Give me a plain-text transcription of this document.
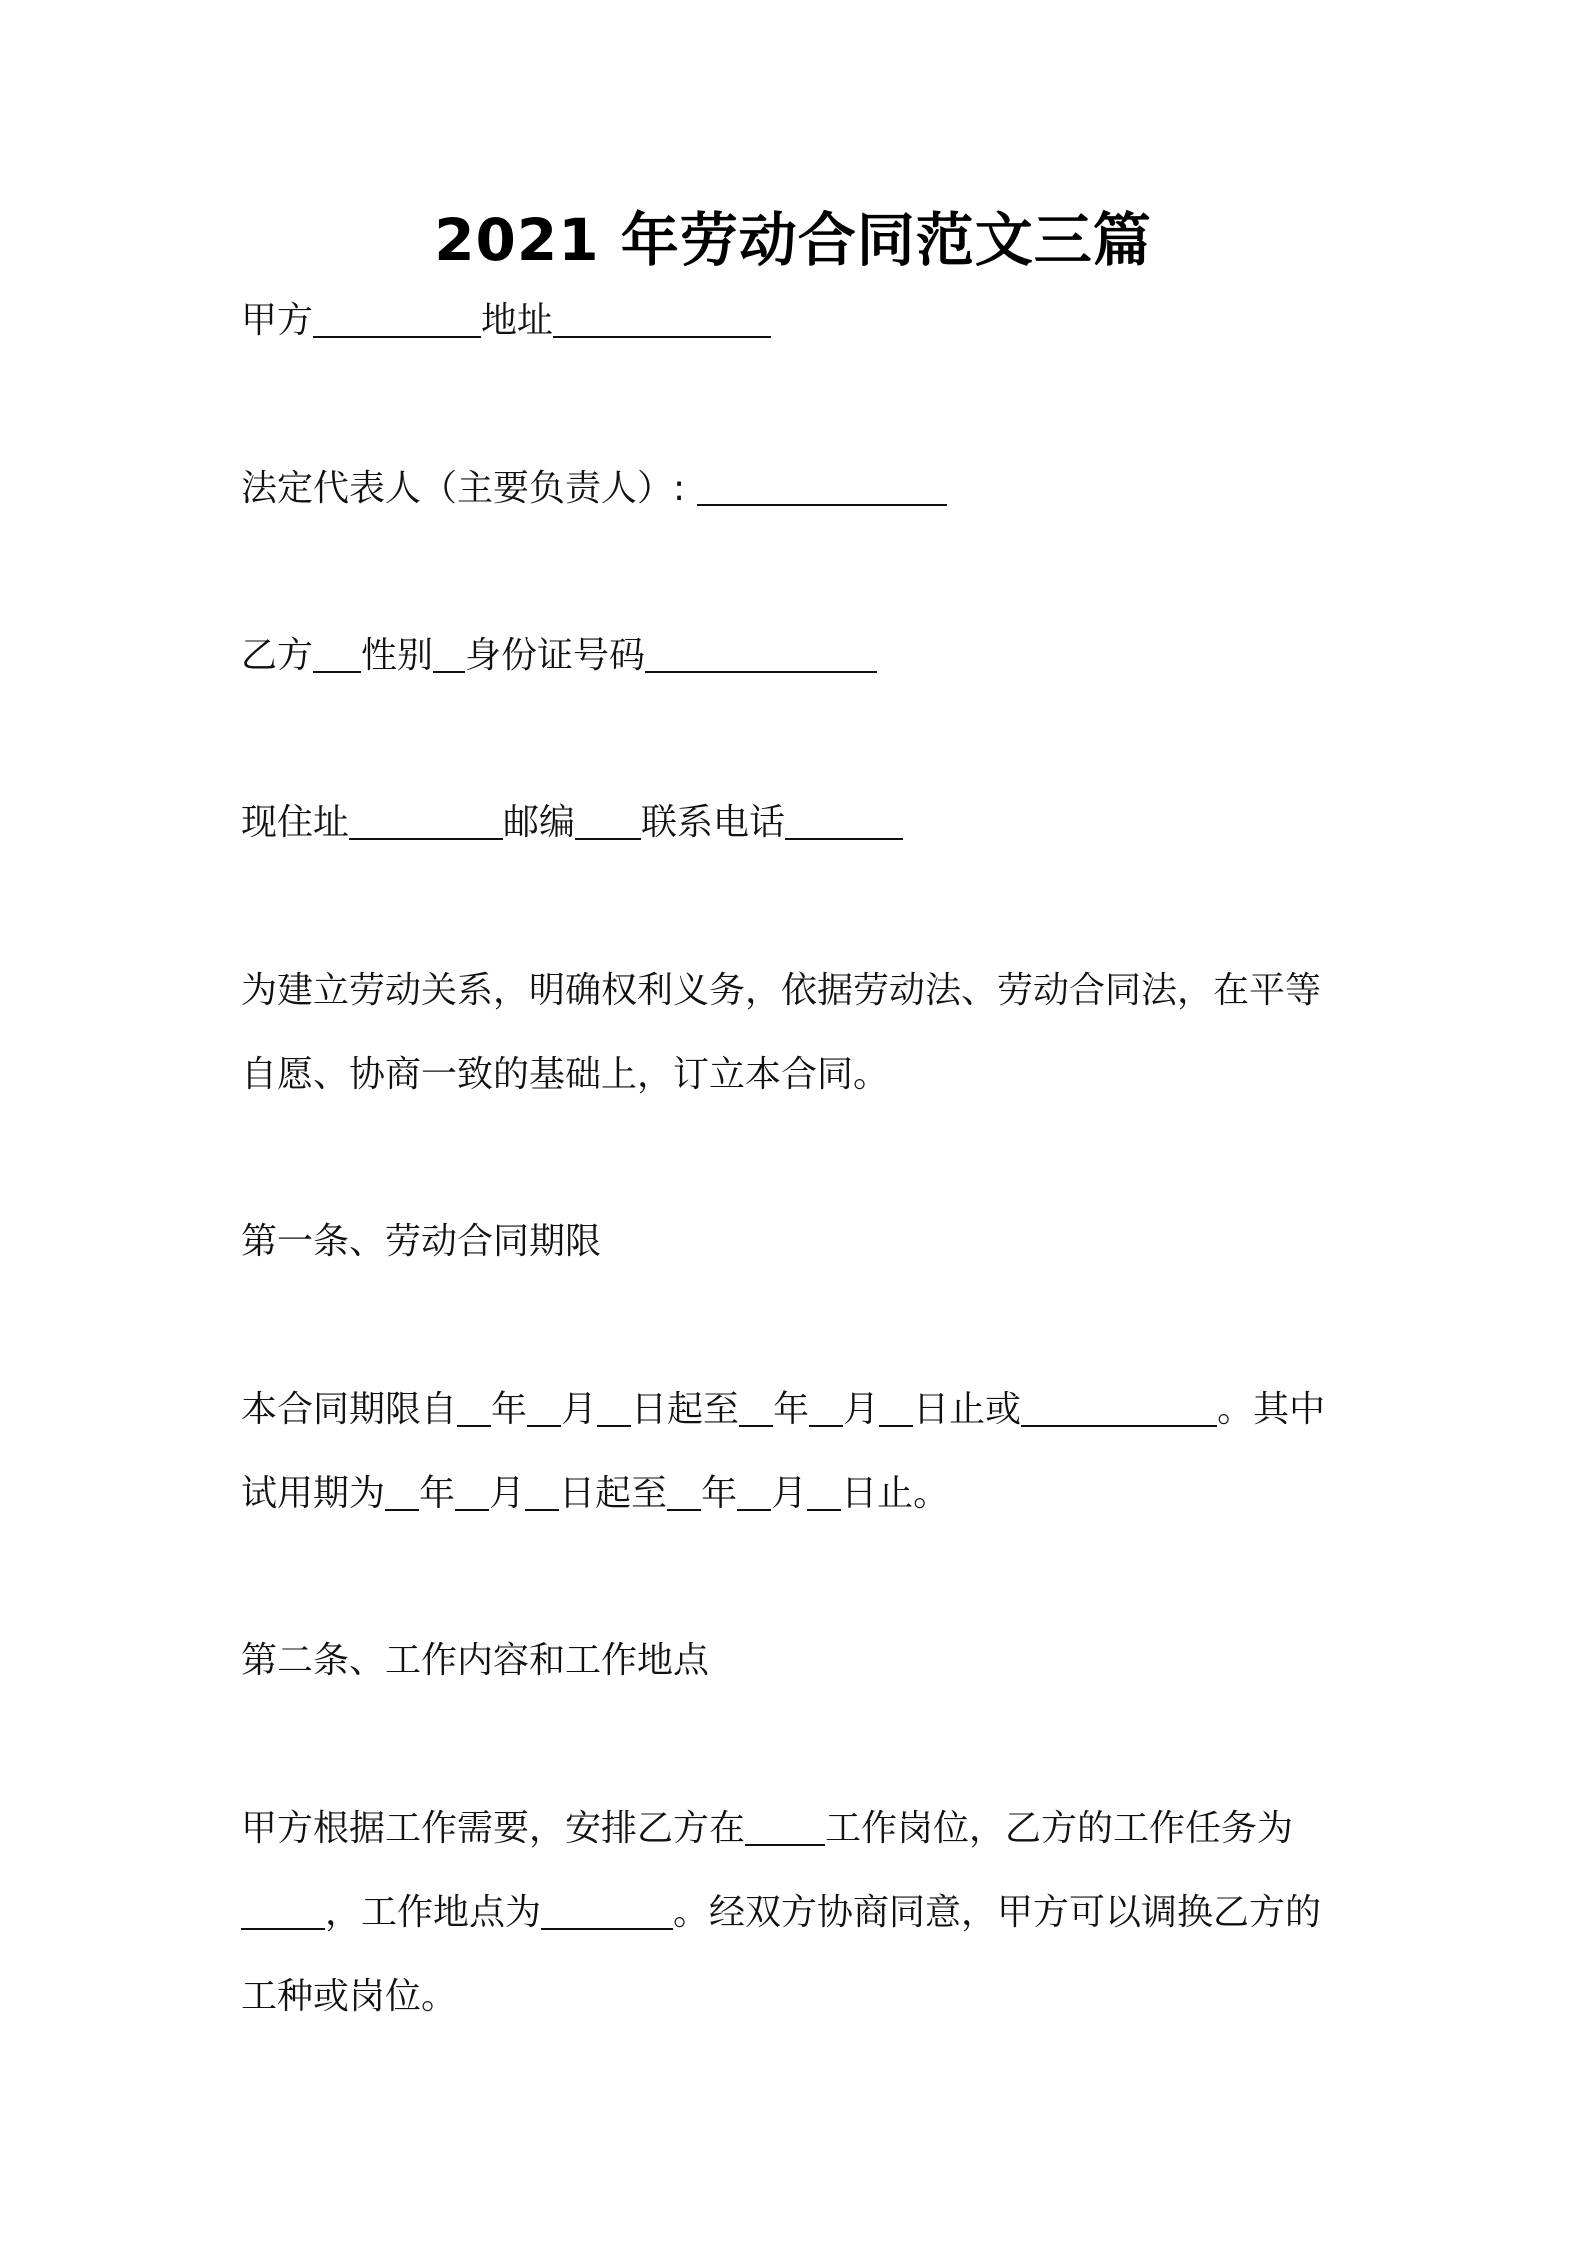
2021 年劳动合同范文三篇
甲方	地址
法定代表人（主要负责人）:
乙方 性别 身份证号码
现住址	邮编 联系电话
为建立劳动关系，明确权利义务，依据劳动法、劳动合同法，在平等
自愿、协商一致的基础上，订立本合同。
第一条、劳动合同期限
本合同期限自 年 月 日起至 年 月 日止或	。其中
试用期为 年 月 日起至 年 月 日止。
第二条、工作内容和工作地点
甲方根据工作需要，安排乙方在 工作岗位，乙方的工作任务为
，工作地点为	。经双方协商同意，甲方可以调换乙方的
工种或岗位。
